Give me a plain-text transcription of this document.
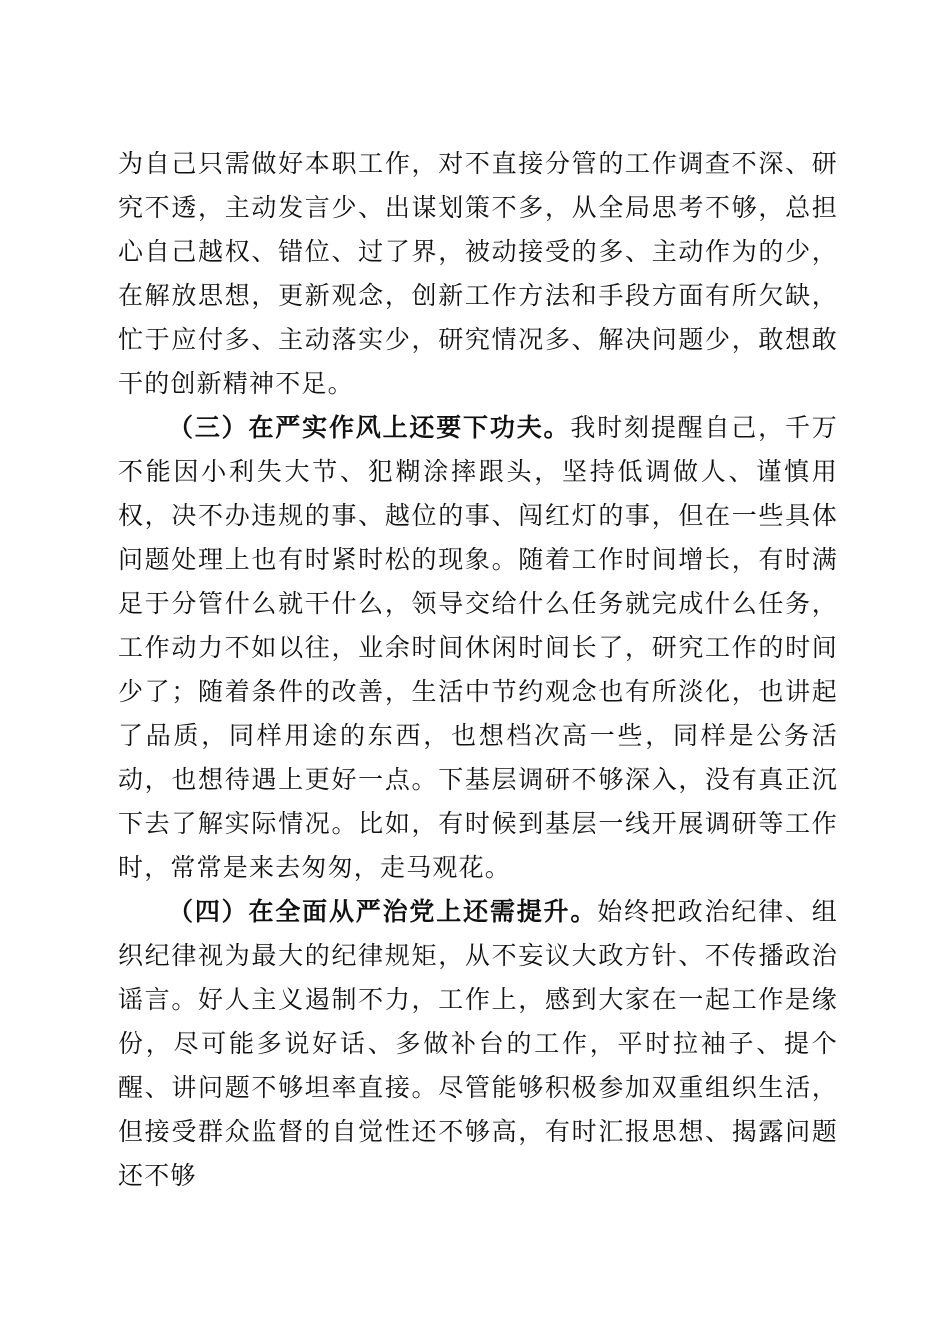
为自己只需做好本职工作，对不直接分管的工作调查不深、研究不透，主动发言少、出谋划策不多，从全局思考不够，总担心自己越权、错位、过了界，被动接受的多、主动作为的少，在解放思想，更新观念，创新工作方法和手段方面有所欠缺，忙于应付多、主动落实少，研究情况多、解决问题少，敢想敢干的创新精神不足。

（三）在严实作风上还要下功夫。我时刻提醒自己，千万不能因小利失大节、犯糊涂摔跟头，坚持低调做人、谨慎用权，决不办违规的事、越位的事、闯红灯的事，但在一些具体问题处理上也有时紧时松的现象。随着工作时间增长，有时满足于分管什么就干什么，领导交给什么任务就完成什么任务，工作动力不如以往，业余时间休闲时间长了，研究工作的时间少了；随着条件的改善，生活中节约观念也有所淡化，也讲起了品质，同样用途的东西，也想档次高一些，同样是公务活动，也想待遇上更好一点。下基层调研不够深入，没有真正沉下去了解实际情况。比如，有时候到基层一线开展调研等工作时，常常是来去匆匆，走马观花。

（四）在全面从严治党上还需提升。始终把政治纪律、组织纪律视为最大的纪律规矩，从不妄议大政方针、不传播政治谣言。好人主义遏制不力，工作上，感到大家在一起工作是缘份，尽可能多说好话、多做补台的工作，平时拉袖子、提个醒、讲问题不够坦率直接。尽管能够积极参加双重组织生活，但接受群众监督的自觉性还不够高，有时汇报思想、揭露问题还不够
